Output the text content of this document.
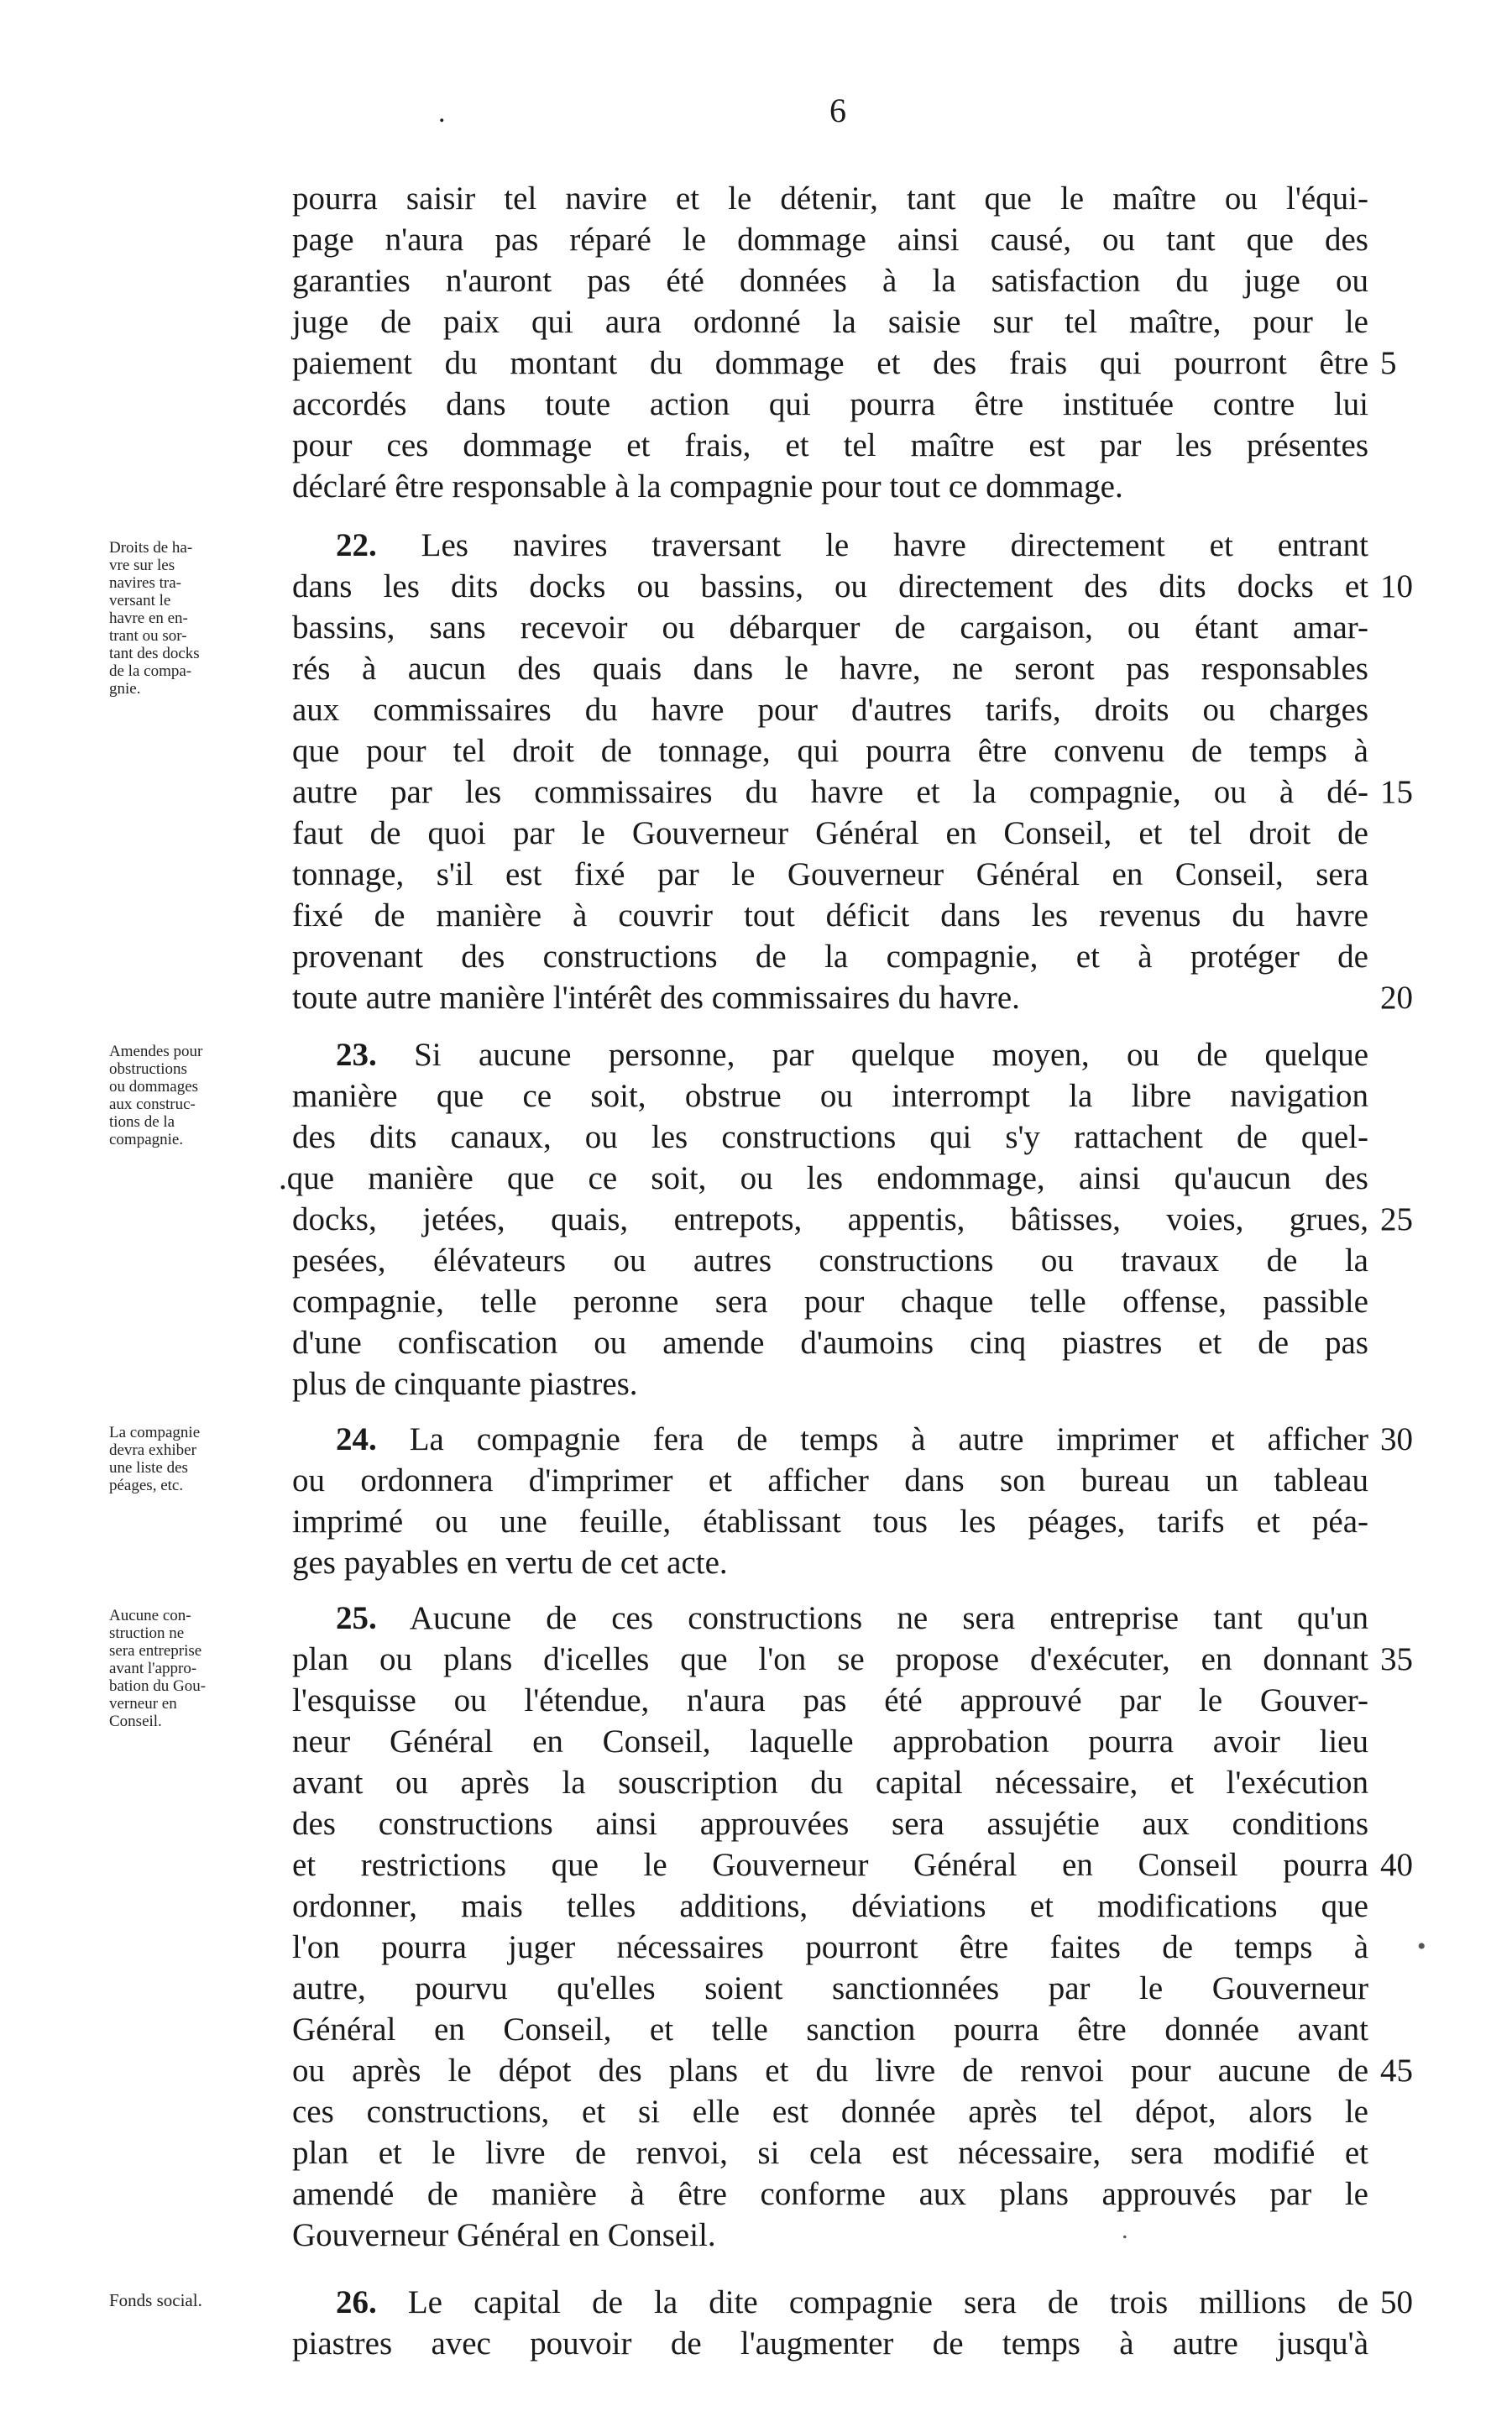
.	6
pourra saisir tel navire et le détenir, tant que le maître ou l'équi-
page n'aura pas réparé le dommage ainsi causé, ou tant que des
garanties n'auront pas été données à la satisfaction du juge ou
juge de paix qui aura ordonné la saisie sur tel maître, pour le
paiement du montant du dommage et des frais qui pourront être 5
accordés dans toute action qui pourra être instituée contre lui
pour ces dommage et frais, et tel maître est par les présentes
déclaré être responsable à la compagnie pour tout ce dommage.
Droits de ha-
vre sur les
navires tra-
versant le
havre en en-
trant ou sor-
tant des docks
de la compa-
gnie.
22. Les navires traversant le havre directement et entrant
dans les dits docks ou bassins, ou directement des dits docks et 10
bassins, sans recevoir ou débarquer de cargaison, ou étant amar-
rés à aucun des quais dans le havre, ne seront pas responsables
aux commissaires du havre pour d'autres tarifs, droits ou charges
que pour tel droit de tonnage, qui pourra être convenu de temps à
autre par les commissaires du havre et la compagnie, ou à dé- 15
faut de quoi par le Gouverneur Général en Conseil, et tel droit de
tonnage, s'il est fixé par le Gouverneur Général en Conseil, sera
fixé de manière à couvrir tout déficit dans les revenus du havre
provenant des constructions de la compagnie, et à protéger de
toute autre manière l'intérêt des commissaires du havre.	20
Amendes pour
obstructions
ou dommages
aux construc-
tions de la
compagnie.
23. Si aucune personne, par quelque moyen, ou de quelque
manière que ce soit, obstrue ou interrompt la libre navigation
des dits canaux, ou les constructions qui s'y rattachent de quel-
.que manière que ce soit, ou les endommage, ainsi qu'aucun des
docks, jetées, quais, entrepots, appentis, bâtisses, voies, grues, 25
pesées, élévateurs ou autres constructions ou travaux de la
compagnie, telle peronne sera pour chaque telle offense, passible
d'une confiscation ou amende d'aumoins cinq piastres et de pas
plus de cinquante piastres.
La compagnie
devra exhiber
une liste des
péages, etc.
24. La compagnie fera de temps à autre imprimer et afficher 30
ou ordonnera d'imprimer et afficher dans son bureau un tableau
imprimé ou une feuille, établissant tous les péages, tarifs et péa-
ges payables en vertu de cet acte.
Aucune con-
struction ne
sera entreprise
avant l'appro-
bation du Gou-
verneur en
Conseil.
25. Aucune de ces constructions ne sera entreprise tant qu'un
plan ou plans d'icelles que l'on se propose d'exécuter, en donnant 35
l'esquisse ou l'étendue, n'aura pas été approuvé par le Gouver-
neur Général en Conseil, laquelle approbation pourra avoir lieu
avant ou après la souscription du capital nécessaire, et l'exécution
des constructions ainsi approuvées sera assujétie aux conditions
et restrictions que le Gouverneur Général en Conseil pourra 40
ordonner, mais telles additions, déviations et modifications que
l'on pourra juger nécessaires pourront être faites de temps à •
autre, pourvu qu'elles soient sanctionnées par le Gouverneur
Général en Conseil, et telle sanction pourra être donnée avant
ou après le dépot des plans et du livre de renvoi pour aucune de 45
ces constructions, et si elle est donnée après tel dépot, alors le
plan et le livre de renvoi, si cela est nécessaire, sera modifié et
amendé de manière à être conforme aux plans approuvés par le
Gouverneur Général en Conseil.	.
Fonds social.	26. Le capital de la dite compagnie sera de trois millions de 50
piastres avec pouvoir de l'augmenter de temps à autre jusqu'à
